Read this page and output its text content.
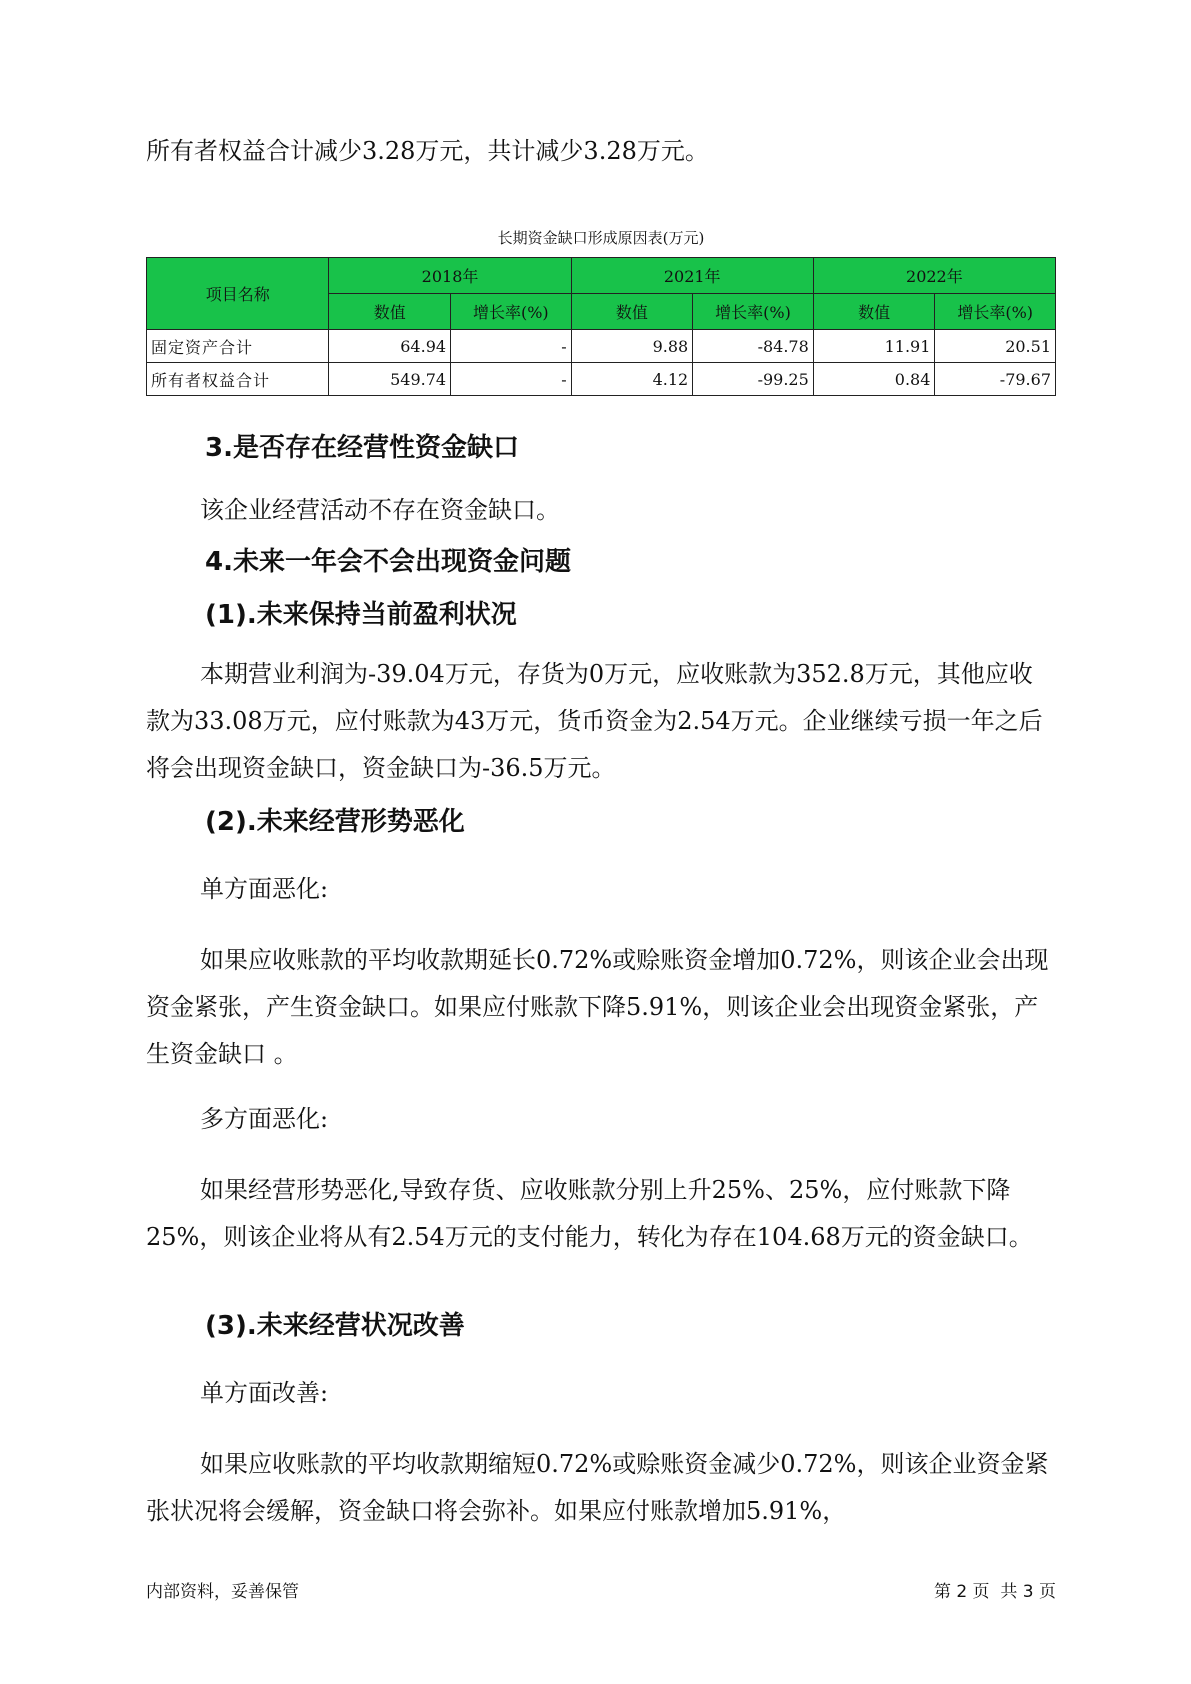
所有者权益合计减少3.28万元，共计减少3.28万元。

长期资金缺口形成原因表(万元)
项目名称	2018年		2021年		2022年	
	数值	增长率(%)	数值	增长率(%)	数值	增长率(%)
固定资产合计	64.94	-	9.88	-84.78	11.91	20.51
所有者权益合计	549.74	-	4.12	-99.25	0.84	-79.67
3.是否存在经营性资金缺口

该企业经营活动不存在资金缺口。

4.未来一年会不会出现资金问题
(1).未来保持当前盈利状况

本期营业利润为-39.04万元，存货为0万元，应收账款为352.8万元，其他应收款为33.08万元，应付账款为43万元，货币资金为2.54万元。企业继续亏损一年之后将会出现资金缺口，资金缺口为-36.5万元。

(2).未来经营形势恶化

单方面恶化:

如果应收账款的平均收款期延长0.72%或赊账资金增加0.72%，则该企业会出现资金紧张，产生资金缺口。如果应付账款下降5.91%，则该企业会出现资金紧张，产生资金缺口 。

多方面恶化:

如果经营形势恶化,导致存货、应收账款分别上升25%、25%，应付账款下降25%，则该企业将从有2.54万元的支付能力，转化为存在104.68万元的资金缺口。

(3).未来经营状况改善

单方面改善:

如果应收账款的平均收款期缩短0.72%或赊账资金减少0.72%，则该企业资金紧张状况将会缓解，资金缺口将会弥补。如果应付账款增加5.91%，

内部资料，妥善保管	第 2 页  共 3 页
